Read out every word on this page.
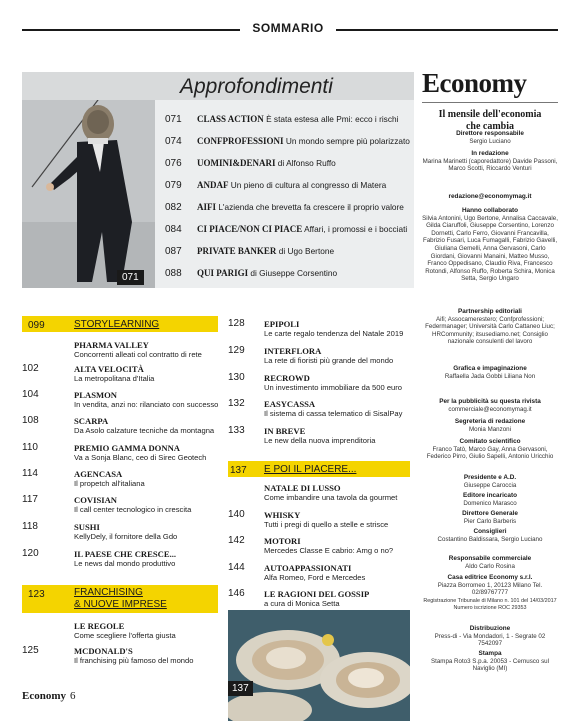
SOMMARIO
071
Approfondimenti
071 CLASS ACTION È stata estesa alle Pmi: ecco i rischi
074 CONFPROFESSIONI Un mondo sempre più polarizzato
076 UOMINI&DENARI di Alfonso Ruffo
079 ANDAF Un pieno di cultura al congresso di Matera
082 AIFI L'azienda che brevetta fa crescere il proprio valore
084 CI PIACE/NON CI PIACE Affari, i promossi e i bocciati
087 PRIVATE BANKER di Ugo Bertone
088 QUI PARIGI di Giuseppe Corsentino
099	STORYLEARNING
PHARMA VALLEY
Concorrenti alleati col contratto di rete
102	ALTA VELOCITÀ
La metropolitana d'Italia
104	PLASMON
In vendita, anzi no: rilanciato con successo
108	SCARPA
Da Asolo calzature tecniche da montagna
110	PREMIO GAMMA DONNA
Va a Sonja Blanc, ceo di Sirec Geotech
114	AGENCASA
Il propetch all'italiana
117	COVISIAN
Il call center tecnologico in crescita
118	SUSHI
KellyDely, il fornitore della Gdo
120	IL PAESE CHE CRESCE...
Le news dal mondo produttivo
123	FRANCHISING
& NUOVE IMPRESE
LE REGOLE
Come scegliere l'offerta giusta
125	MCDONALD'S
Il franchising più famoso del mondo
128 EPIPOLI
Le carte regalo tendenza del Natale 2019
129 INTERFLORA
La rete di fioristi più grande del mondo
130 RECROWD
Un investimento immobiliare da 500 euro
132 EASYCASSA
Il sistema di cassa telematico di SisalPay
133 IN BREVE
Le new della nuova imprenditoria
137 E POI IL PIACERE...
NATALE DI LUSSO
Come imbandire una tavola da gourmet
140 WHISKY
Tutti i pregi di quello a stelle e strisce
142 MOTORI
Mercedes Classe E cabrio: Amg o no?
144 AUTOAPPASSIONATI
Alfa Romeo, Ford e Mercedes
146 LE RAGIONI DEL GOSSIP
a cura di Monica Setta
137
Economy
Il mensile dell'economia
che cambia
Direttore responsabile
Sergio Luciano
In redazione
Marina Marinetti (caporedattore) Davide Passoni, Marco Scotti, Riccardo Venturi
redazione@economymag.it
Hanno collaborato
Silvia Antonini, Ugo Bertone, Annalisa Caccavale, Gilda Ciaruffoli, Giuseppe Corsentino, Lorenzo Dornetti, Carlo Ferro, Giovanni Francavilla, Fabrizio Fusari, Luca Fumagalli, Fabrizio Gavelli, Giuliana Gemelli, Anna Gervasoni, Carlo Giordani, Giovanni Manaini, Matteo Musso, Franco Oppedisano, Claudio Riva, Francesco Rotondi, Alfonso Ruffo, Roberta Schira, Monica Setta, Sergio Ungaro
Partnership editoriali
Aifi; Assocamerestero; Confprofessioni; Federmanager; Università Carlo Cattaneo Liuc; HRCommunity; itsusediamo.net; Consiglio nazionale consulenti del lavoro
Grafica e impaginazione
Raffaella Jada Gobbi Liliana Non
Per la pubblicità su questa rivista
commerciale@economymag.it
Segreteria di redazione
Monia Manzoni
Comitato scientifico
Franco Tatò, Marco Gay, Anna Gervasoni, Federico Pirro, Giulio Sapelli, Antonio Uricchio
Presidente e A.D.
Giuseppe Caroccia
Editore incaricato
Domenico Marasco
Direttore Generale
Pier Carlo Barberis
Consiglieri
Costantino Baldissara, Sergio Luciano
Responsabile commerciale
Aldo Carlo Rosina
Casa editrice Economy s.r.l.
Piazza Borromeo 1, 20123 Milano Tel. 02/89767777
Registrazione Tribunale di Milano n. 101 del 14/03/2017 Numero iscrizione ROC 29353
Distribuzione
Press-di - Via Mondadori, 1 - Segrate 02 7542097
Stampa
Stampa Roto3 S.p.a. 20053 - Cernusco sul Naviglio (MI)
Economy 6
